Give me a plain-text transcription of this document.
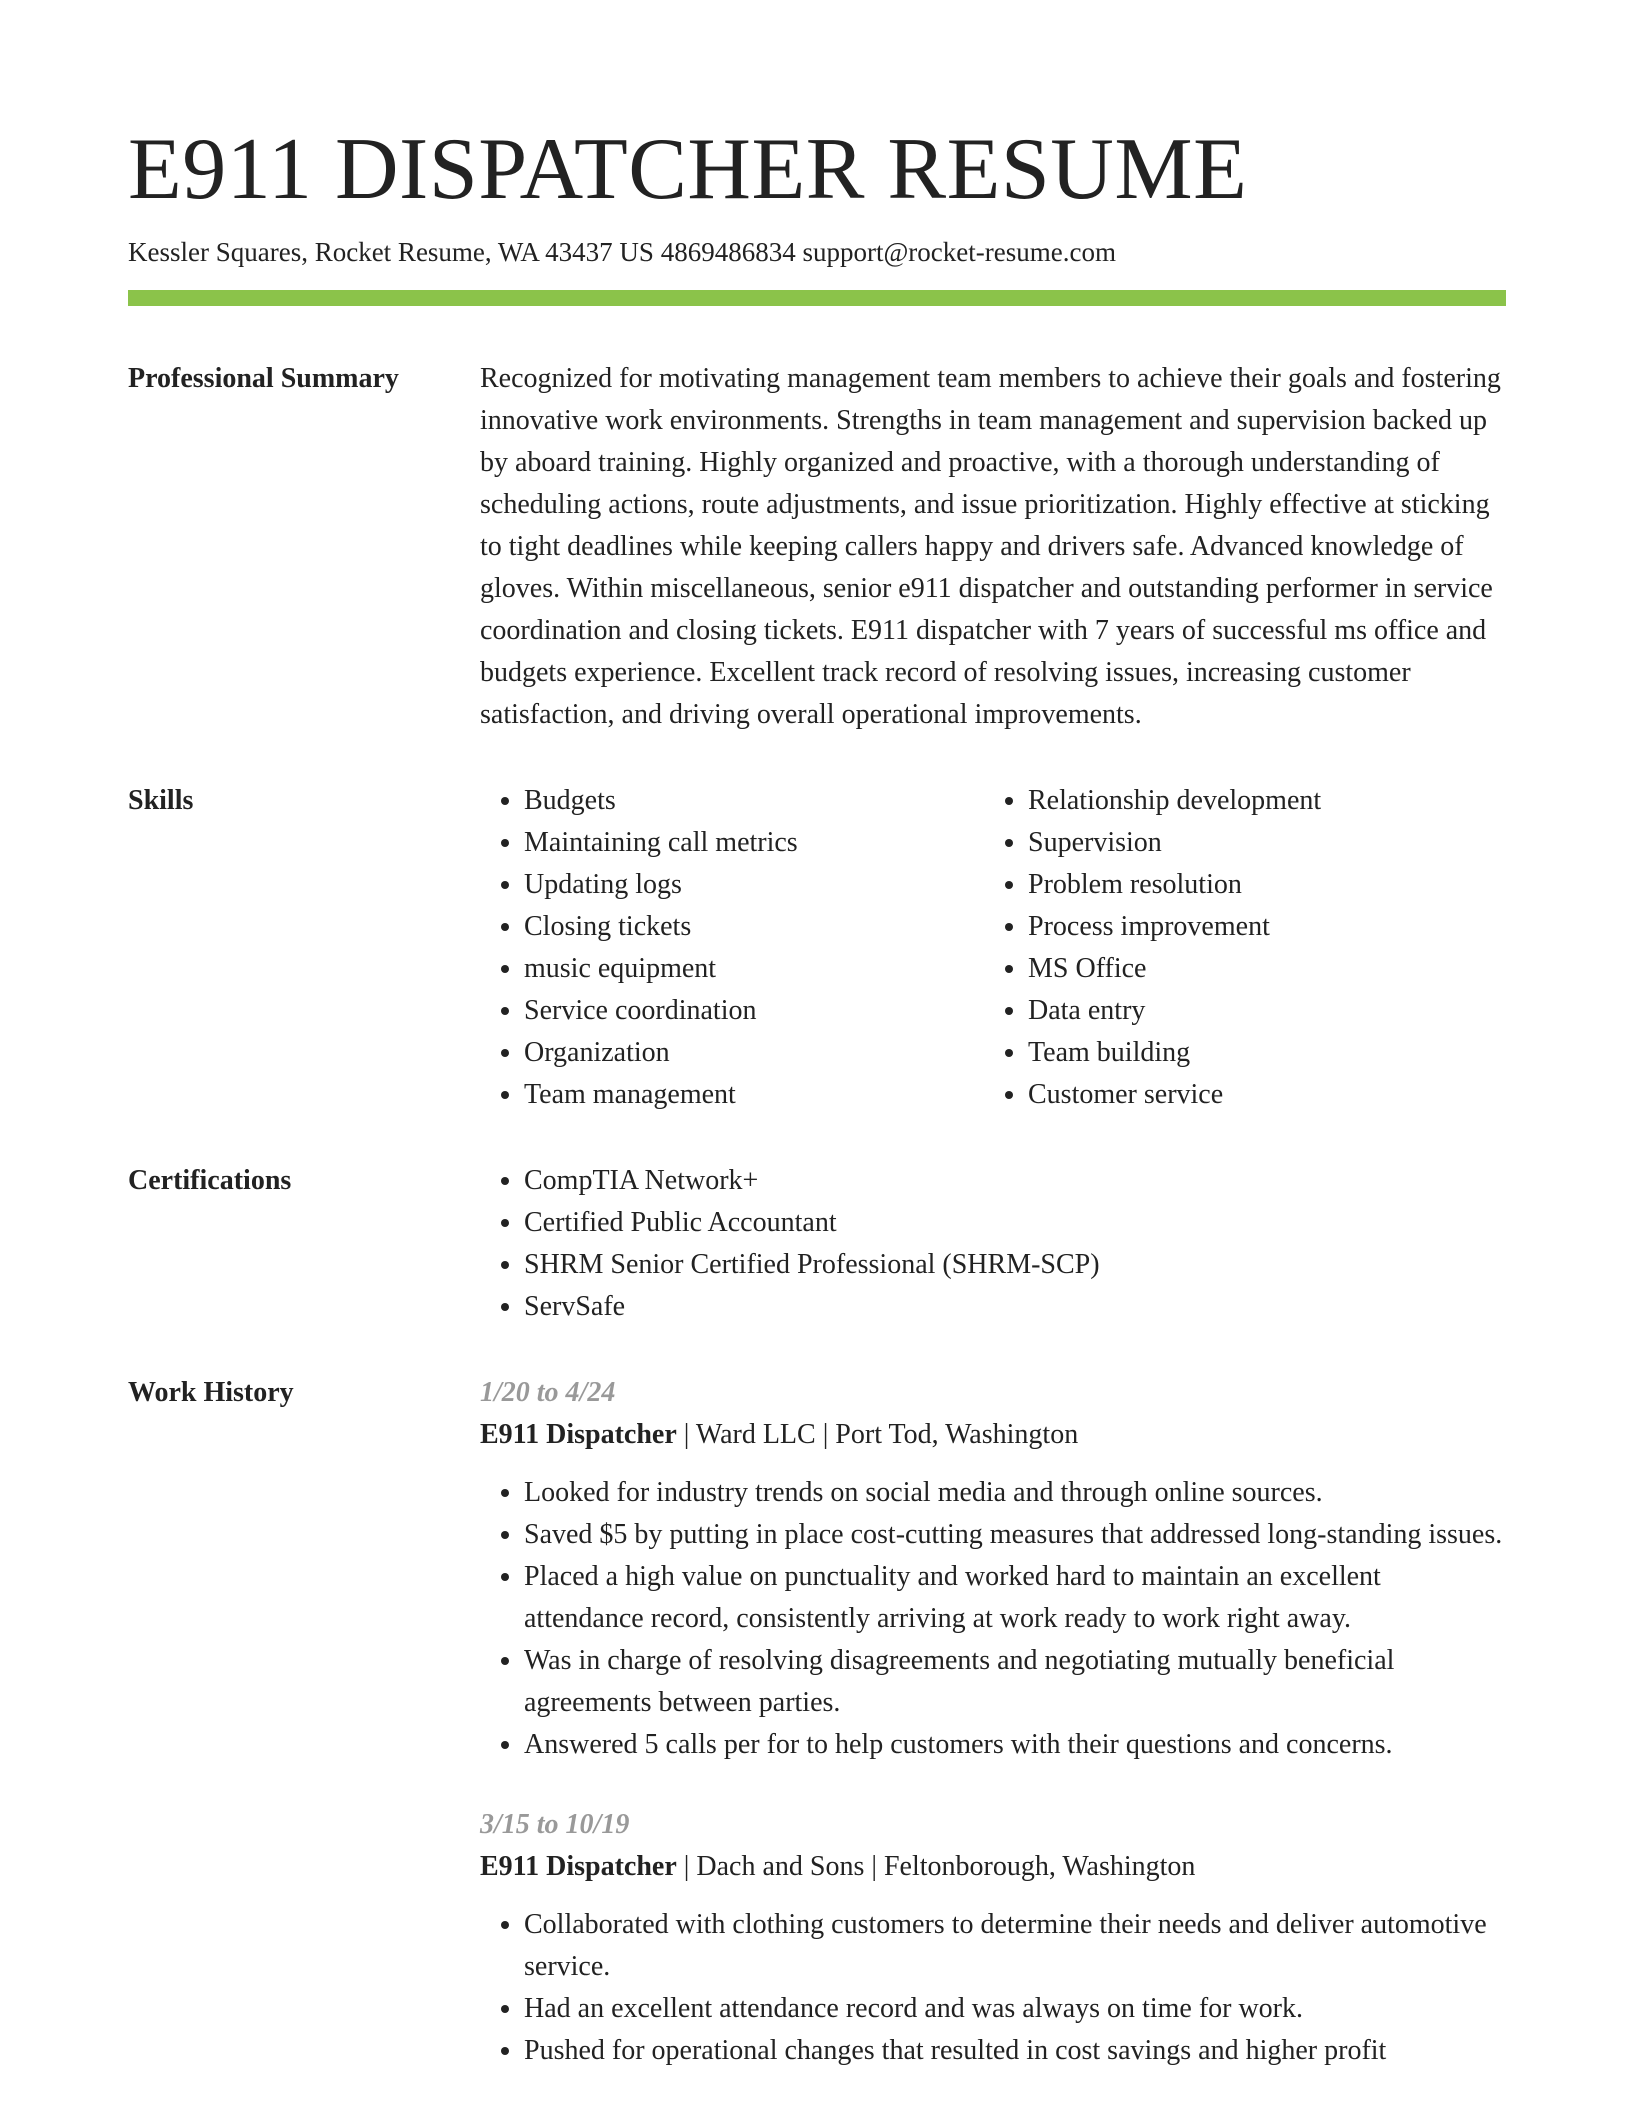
E911 DISPATCHER RESUME
Kessler Squares, Rocket Resume, WA 43437 US 4869486834 support@rocket-resume.com
Professional Summary	Recognized for motivating management team members to achieve their goals and fostering innovative work environments. Strengths in team management and supervision backed up by aboard training. Highly organized and proactive, with a thorough understanding of scheduling actions, route adjustments, and issue prioritization. Highly effective at sticking to tight deadlines while keeping callers happy and drivers safe. Advanced knowledge of gloves. Within miscellaneous, senior e911 dispatcher and outstanding performer in service coordination and closing tickets. E911 dispatcher with 7 years of successful ms office and budgets experience. Excellent track record of resolving issues, increasing customer satisfaction, and driving overall operational improvements.

Skills	• Budgets
• Maintaining call metrics
• Updating logs
• Closing tickets
• music equipment
• Service coordination
• Organization
• Team management
• Relationship development
• Supervision
• Problem resolution
• Process improvement
• MS Office
• Data entry
• Team building
• Customer service
Certifications	• CompTIA Network+
• Certified Public Accountant
• SHRM Senior Certified Professional (SHRM-SCP)
• ServSafe
Work History	1/20 to 4/24
E911 Dispatcher | Ward LLC | Port Tod, Washington
• Looked for industry trends on social media and through online sources.
• Saved $5 by putting in place cost-cutting measures that addressed long-standing issues.
• Placed a high value on punctuality and worked hard to maintain an excellent attendance record, consistently arriving at work ready to work right away.
• Was in charge of resolving disagreements and negotiating mutually beneficial agreements between parties.
• Answered 5 calls per for to help customers with their questions and concerns.
3/15 to 10/19
E911 Dispatcher | Dach and Sons | Feltonborough, Washington
• Collaborated with clothing customers to determine their needs and deliver automotive service.
• Had an excellent attendance record and was always on time for work.
• Pushed for operational changes that resulted in cost savings and higher profit
